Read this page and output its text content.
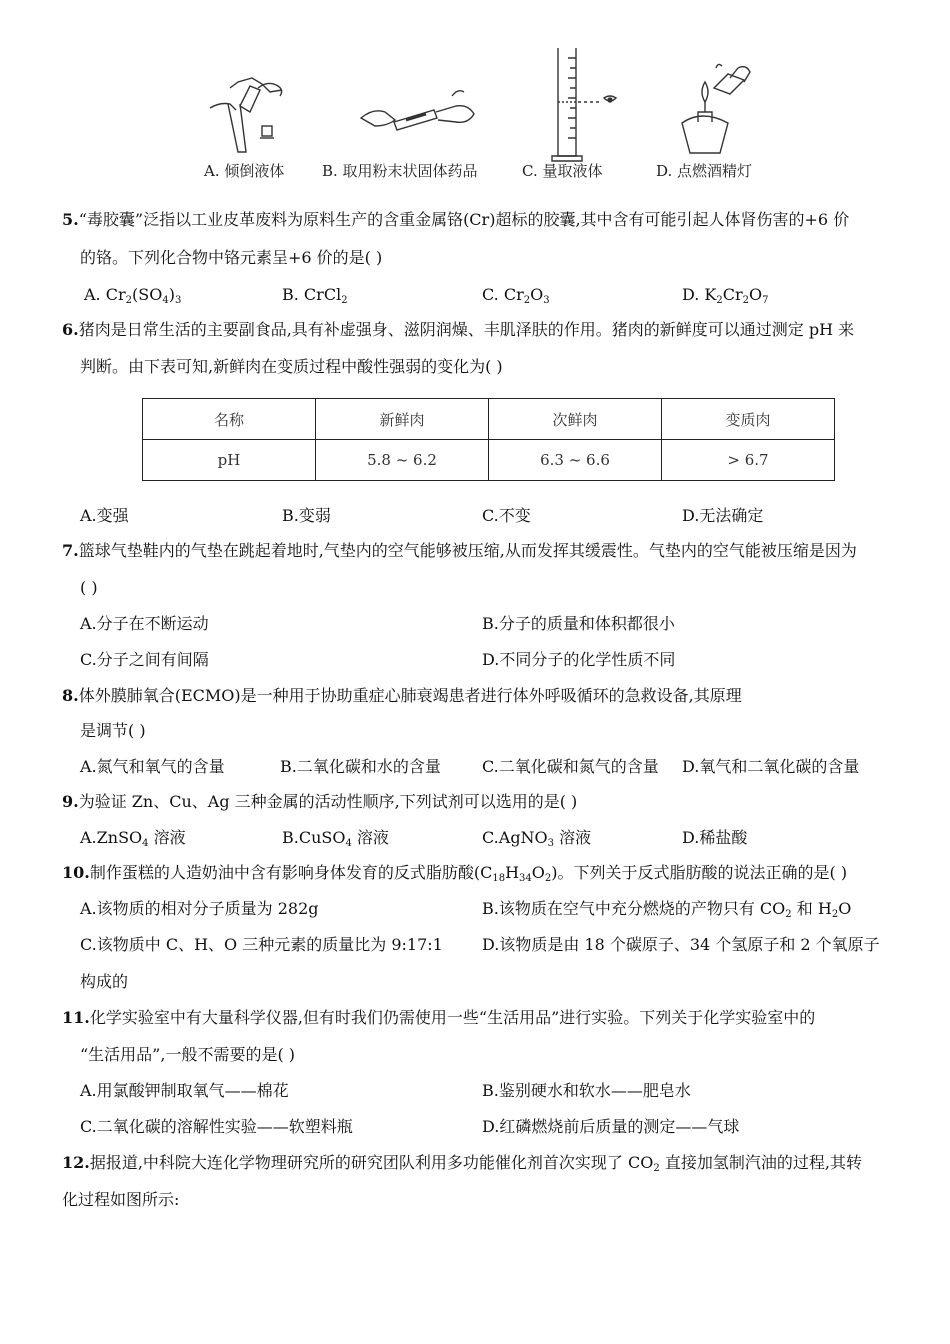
A. 倾倒液体	B. 取用粉末状固体药品	C. 量取液体	D. 点燃酒精灯
5.“毒胶囊”泛指以工业皮革废料为原料生产的含重金属铬(Cr)超标的胶囊,其中含有可能引起人体肾伤害的+6 价
的铬。下列化合物中铬元素呈+6 价的是( )
A. $Cr_2(SO_4)_3$	B. CrCl$_2$	C. $Cr_2O_3$	D. $K_2Cr_2O_7$
6.猪肉是日常生活的主要副食品,具有补虚强身、滋阴润燥、丰肌泽肤的作用。猪肉的新鲜度可以通过测定 pH 来
判断。由下表可知,新鲜肉在变质过程中酸性强弱的变化为( )
名称	新鲜肉	次鲜肉	变质肉
pH	5.8 ~ 6.2	6.3 ~ 6.6	> 6.7
A.变强	B.变弱	C.不变	D.无法确定
7.篮球气垫鞋内的气垫在跳起着地时,气垫内的空气能够被压缩,从而发挥其缓震性。气垫内的空气能被压缩是因为
( )
A.分子在不断运动	B.分子的质量和体积都很小
C.分子之间有间隔	D.不同分子的化学性质不同
8.体外膜肺氧合(ECMO)是一种用于协助重症心肺衰竭患者进行体外呼吸循环的急救设备,其原理
是调节( )
A.氮气和氧气的含量	B.二氧化碳和水的含量	C.二氧化碳和氮气的含量 D.氧气和二氧化碳的含量
9.为验证 Zn、Cu、Ag 三种金属的活动性顺序,下列试剂可以选用的是( )
A.ZnSO$_4$ 溶液	B.CuSO$_4$ 溶液	C.AgNO$_3$ 溶液	D.稀盐酸
10.制作蛋糕的人造奶油中含有影响身体发育的反式脂肪酸$(C_{18}H_{34}O_2)$。下列关于反式脂肪酸的说法正确的是( )
A.该物质的相对分子质量为 282g	B.该物质在空气中充分燃烧的产物只有 $CO_2$ 和 $H_2O$
C.该物质中 C、H、O 三种元素的质量比为 9:17:1 D.该物质是由 18 个碳原子、34 个氢原子和 2 个氧原子
构成的
11.化学实验室中有大量科学仪器,但有时我们仍需使用一些“生活用品”进行实验。下列关于化学实验室中的
“生活用品”,一般不需要的是( )
A.用氯酸钾制取氧气——棉花	B.鉴别硬水和软水——肥皂水
C.二氧化碳的溶解性实验——软塑料瓶	D.红磷燃烧前后质量的测定——气球
12.据报道,中科院大连化学物理研究所的研究团队利用多功能催化剂首次实现了 $CO_2$ 直接加氢制汽油的过程,其转
化过程如图所示:
